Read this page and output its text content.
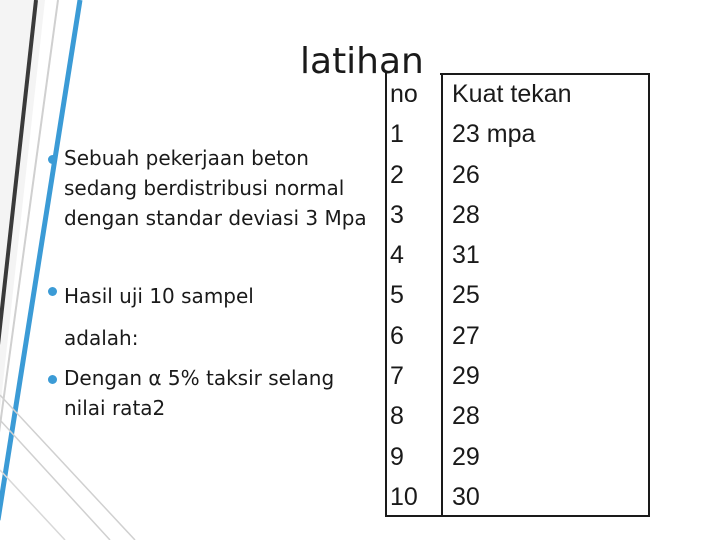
latihan
Sebuah pekerjaan beton sedang berdistribusi normal dengan standar deviasi 3 Mpa
Hasil uji 10 sampel adalah:
Dengan α 5% taksir selang nilai rata2
no
1
2
3
4
5
6
7
8
9
10
Kuat tekan
23 mpa
26
28
31
25
27
29
28
29
30
